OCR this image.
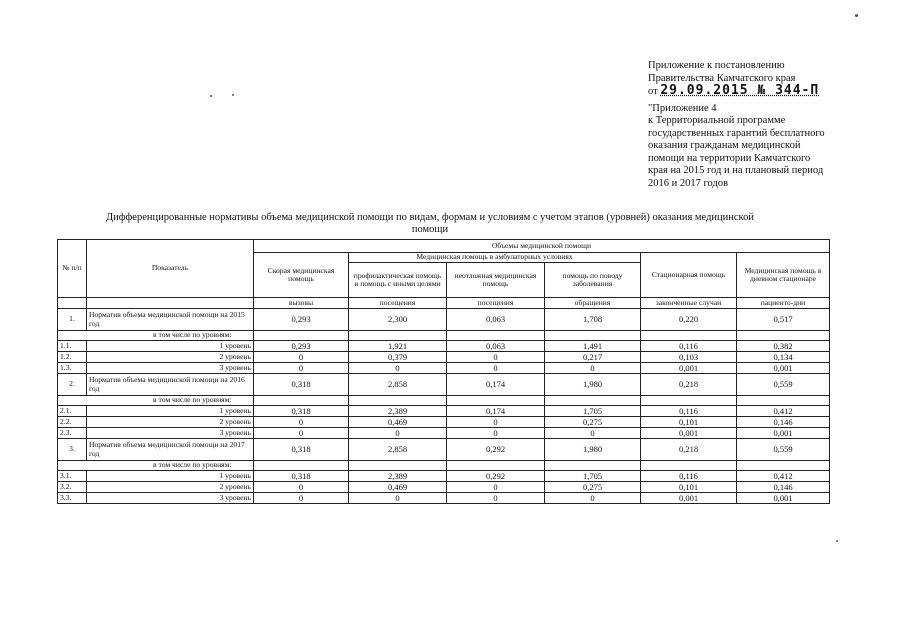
Приложение к постановлению
Правительства Камчатского края
от 29.09.2015 № 344-П
"Приложение 4
к Территориальной программе
государственных гарантий бесплатного
оказания гражданам медицинской
помощи на территории Камчатского
края на 2015 год и на плановый период
2016 и 2017 годов
Дифференцированные нормативы объема медицинской помощи по видам, формам и условиям с учетом этапов (уровней) оказания медицинской помощи
№ п/п	Показатель	Объемы медицинской помощи					
		Скорая медицинская помощь	Медицинская помощь в амбулаторных условиях			Стационарная помощь	Медицинская помощь в дневном стационаре
			профилактическая помощь и помощь с иными целями	неотложная медицинская помощь	помощь по поводу заболевания		
		вызовы	посещения	посещения	обращения	законченные случаи	пациенто-дни
1.	Норматив объема медицинской помощи на 2015 год	0,293	2,300	0,063	1,708	0,220	0,517
в том числе по уровням:							
1.1.	1 уровень	0,293	1,921	0,063	1,491	0,116	0,382
1.2.	2 уровень	0	0,379	0	0,217	0,103	0,134
1.3.	3 уровень	0	0	0	0	0,001	0,001
2.	Норматив объема медицинской помощи на 2016 год	0,318	2,858	0,174	1,980	0,218	0,559
в том числе по уровням:							
2.1.	1 уровень	0,318	2,389	0,174	1,705	0,116	0,412
2.2.	2 уровень	0	0,469	0	0,275	0,101	0,146
2.3.	3 уровень	0	0	0	0	0,001	0,001
3.	Норматив объема медицинской помощи на 2017 год	0,318	2,858	0,292	1,980	0,218	0,559
в том числе по уровням:							
3.1.	1 уровень	0,318	2,389	0,292	1,705	0,116	0,412
3.2.	2 уровень	0	0,469	0	0,275	0,101	0,146
3.3.	3 уровень	0	0	0	0	0,001	0,001
